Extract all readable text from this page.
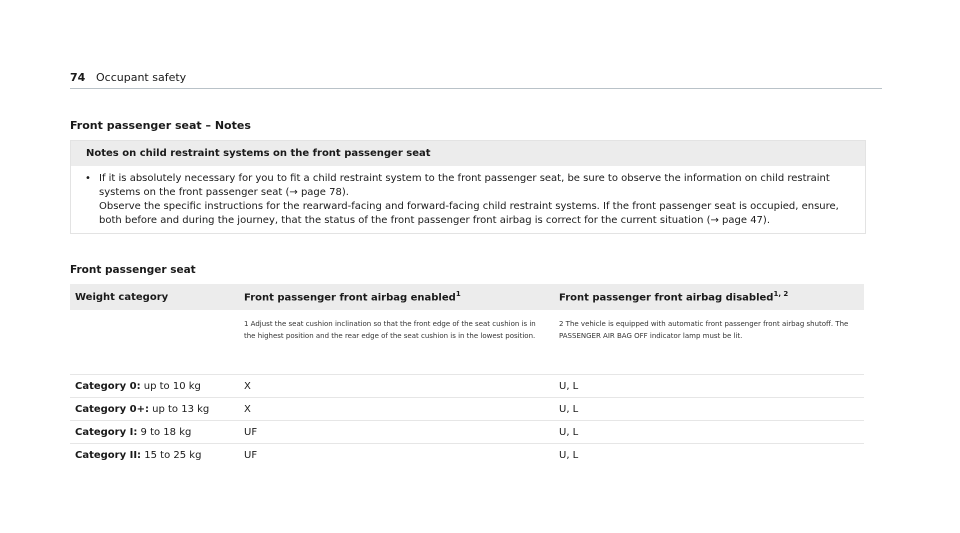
74 Occupant safety
Front passenger seat – Notes
Notes on child restraint systems on the front passenger seat
• If it is absolutely necessary for you to fit a child restraint system to the front passenger seat, be sure to observe the information on child restraint systems on the front passenger seat (→ page 78).

Observe the specific instructions for the rearward-facing and forward-facing child restraint systems. If the front passenger seat is occupied, ensure, both before and during the journey, that the status of the front passenger front airbag is correct for the current situation (→ page 47).

Front passenger seat
Weight category	Front passenger front airbag enabled$^1$	Front passenger front airbag disabled$^{1, 2}$
	1 Adjust the seat cushion inclination so that the front edge of the seat cushion is in the highest position and the rear edge of the seat cushion is in the lowest position.	2 The vehicle is equipped with automatic front passenger front airbag shutoff. The PASSENGER AIR BAG OFF indicator lamp must be lit.
Category 0: up to 10 kg	X	U, L
Category 0+: up to 13 kg	X	U, L
Category I: 9 to 18 kg	UF	U, L
Category II: 15 to 25 kg	UF	U, L
